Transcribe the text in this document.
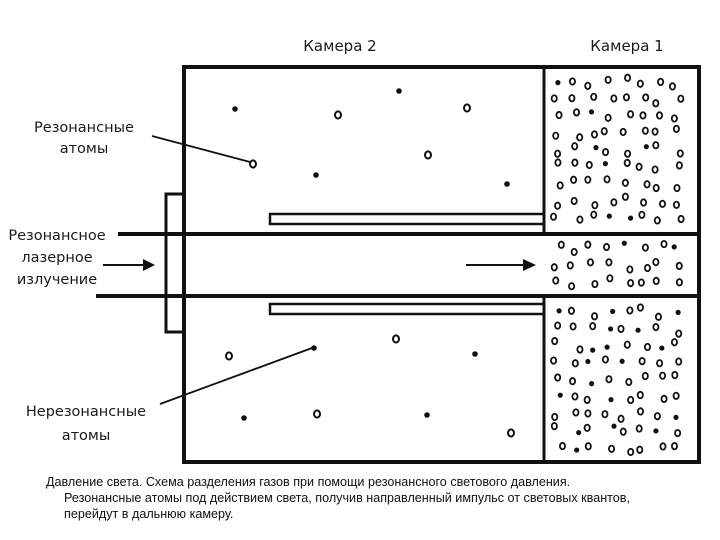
Камера 2	Камера 1
Резонансные
атомы
Резонансное
лазерное
излучение
Нерезонансные
атомы
Давление света. Схема разделения газов при помощи резонансного светового давления.
Резонансные атомы под действием света, получив направленный импульс от световых квантов, перейдут в дальнюю камеру.
